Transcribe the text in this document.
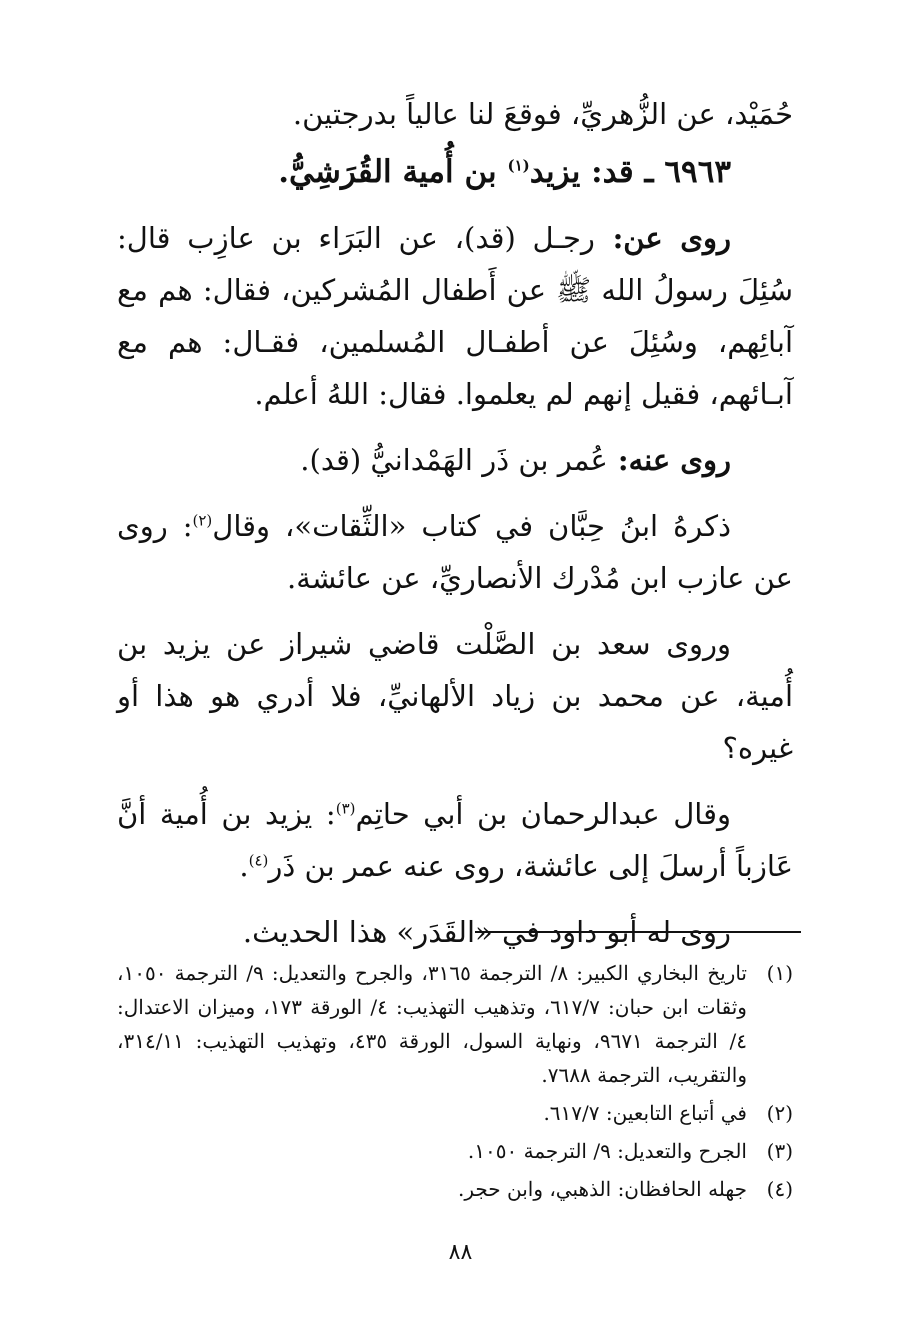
حُمَيْد، عن الزُّهريِّ، فوقعَ لنا عالياً بدرجتين.

٦٩٦٣ ـ قد: يزيد$^{(١)}$ بن أُمية القُرَشِيُّ.

روى عن: رجـل (قد)، عن البَرَاء بن عازِب قال: سُئِلَ رسولُ الله ﷺ عن أَطفال المُشركين، فقال: هم مع آبائِهم، وسُئِلَ عن أطفـال المُسلمين، فقـال: هم مع آبـائهم، فقيل إنهم لم يعلموا. فقال: اللهُ أعلم.

روى عنه: عُمر بن ذَر الهَمْدانيُّ (قد).

ذكرهُ ابنُ حِبَّان في كتاب «الثِّقات»، وقال$^{(٢)}$: روى عن عازب ابن مُدْرك الأنصاريِّ، عن عائشة.

وروى سعد بن الصَّلْت قاضي شيراز عن يزيد بن أُمية، عن محمد بن زياد الألهانيِّ، فلا أدري هو هذا أو غيره؟

وقال عبدالرحمان بن أبي حاتِم$^{(٣)}$: يزيد بن أُمية أنَّ عَازباً أرسلَ إلى عائشة، روى عنه عمر بن ذَر$^{(٤)}$.

روى له أبو داود في «القَدَر» هذا الحديث.

(١)
تاريخ البخاري الكبير: ٨/ الترجمة ٣١٦٥، والجرح والتعديل: ٩/ الترجمة ١٠٥٠، وثقات ابن حبان: ٦١٧/٧، وتذهيب التهذيب: ٤/ الورقة ١٧٣، وميزان الاعتدال: ٤/ الترجمة ٩٦٧١، ونهاية السول، الورقة ٤٣٥، وتهذيب التهذيب: ٣١٤/١١، والتقريب، الترجمة ٧٦٨٨.
(٢)
في أتباع التابعين: ٦١٧/٧.
(٣)
الجرح والتعديل: ٩/ الترجمة ١٠٥٠.
(٤)
جهله الحافظان: الذهبي، وابن حجر.
٨٨
